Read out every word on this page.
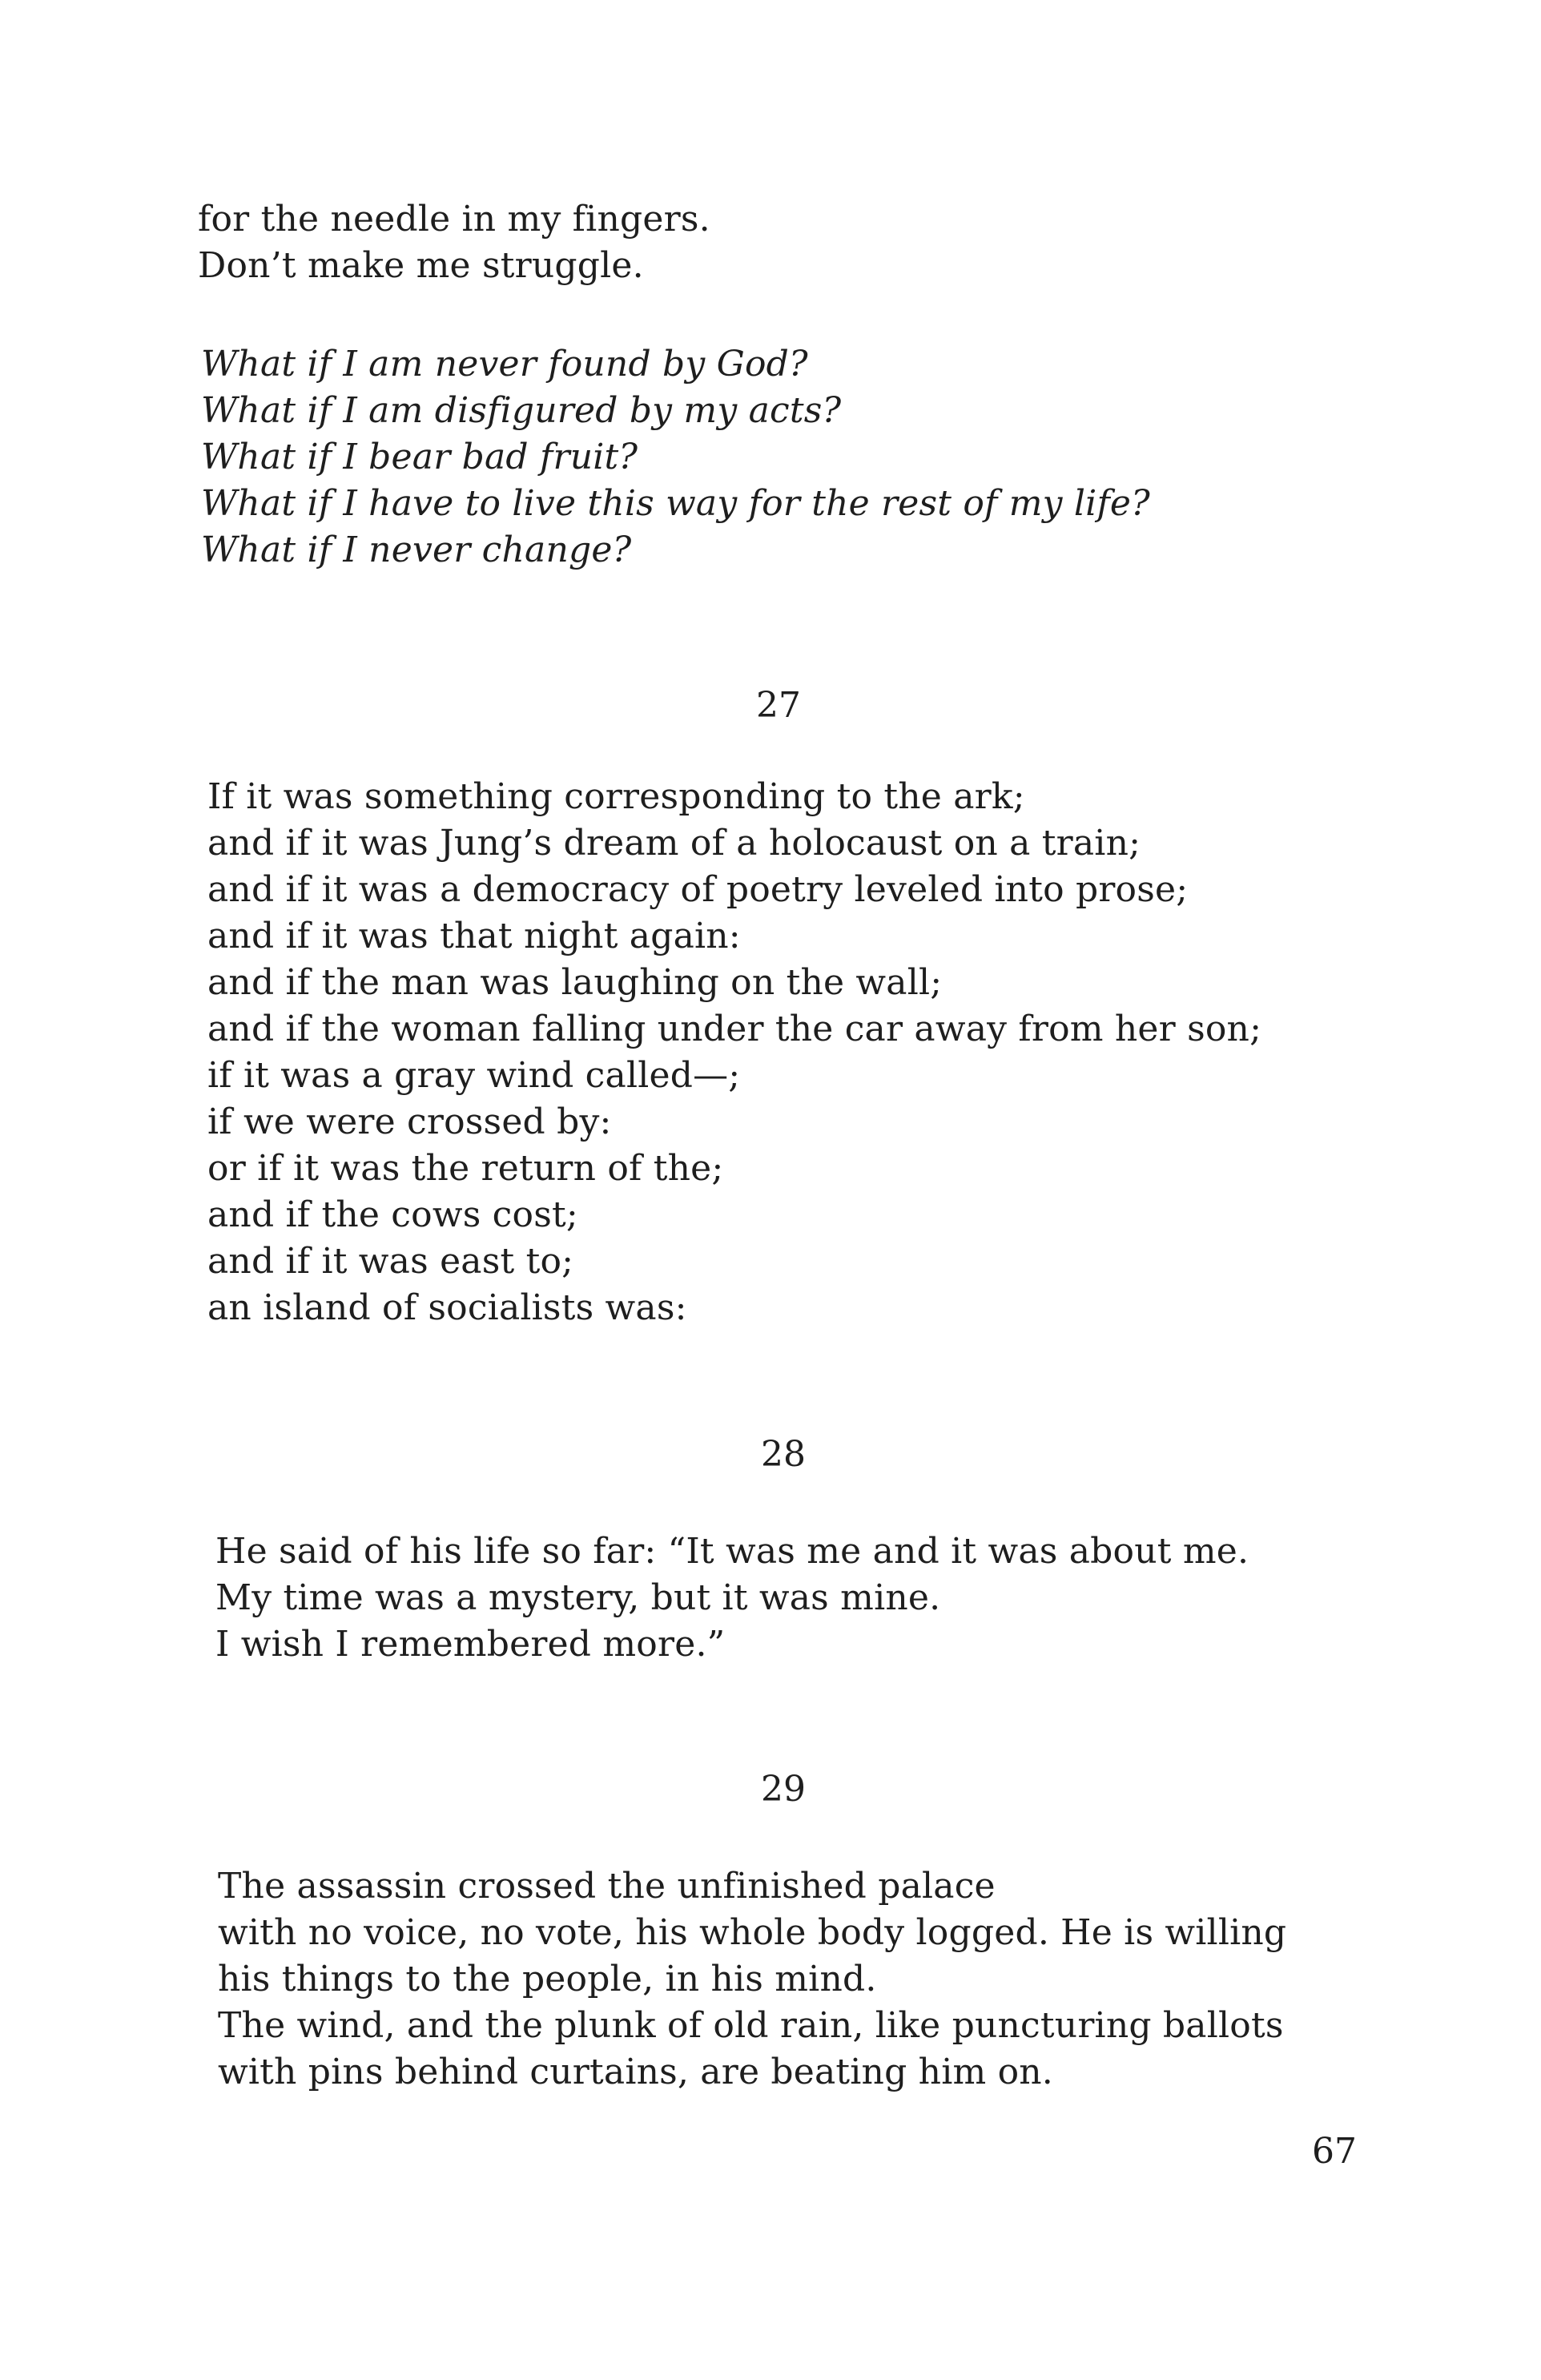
for the needle in my fingers.
Don’t make me struggle.
What if I am never found by God?
What if I am disfigured by my acts?
What if I bear bad fruit?
What if I have to live this way for the rest of my life?
What if I never change?
27
If it was something corresponding to the ark;
and if it was Jung’s dream of a holocaust on a train;
and if it was a democracy of poetry leveled into prose;
and if it was that night again:
and if the man was laughing on the wall;
and if the woman falling under the car away from her son;
if it was a gray wind called—;
if we were crossed by:
or if it was the return of the;
and if the cows cost;
and if it was east to;
an island of socialists was:
28
He said of his life so far: “It was me and it was about me.
My time was a mystery, but it was mine.
I wish I remembered more.”
29
The assassin crossed the unfinished palace
with no voice, no vote, his whole body logged. He is willing
his things to the people, in his mind.
The wind, and the plunk of old rain, like puncturing ballots
with pins behind curtains, are beating him on.
67
